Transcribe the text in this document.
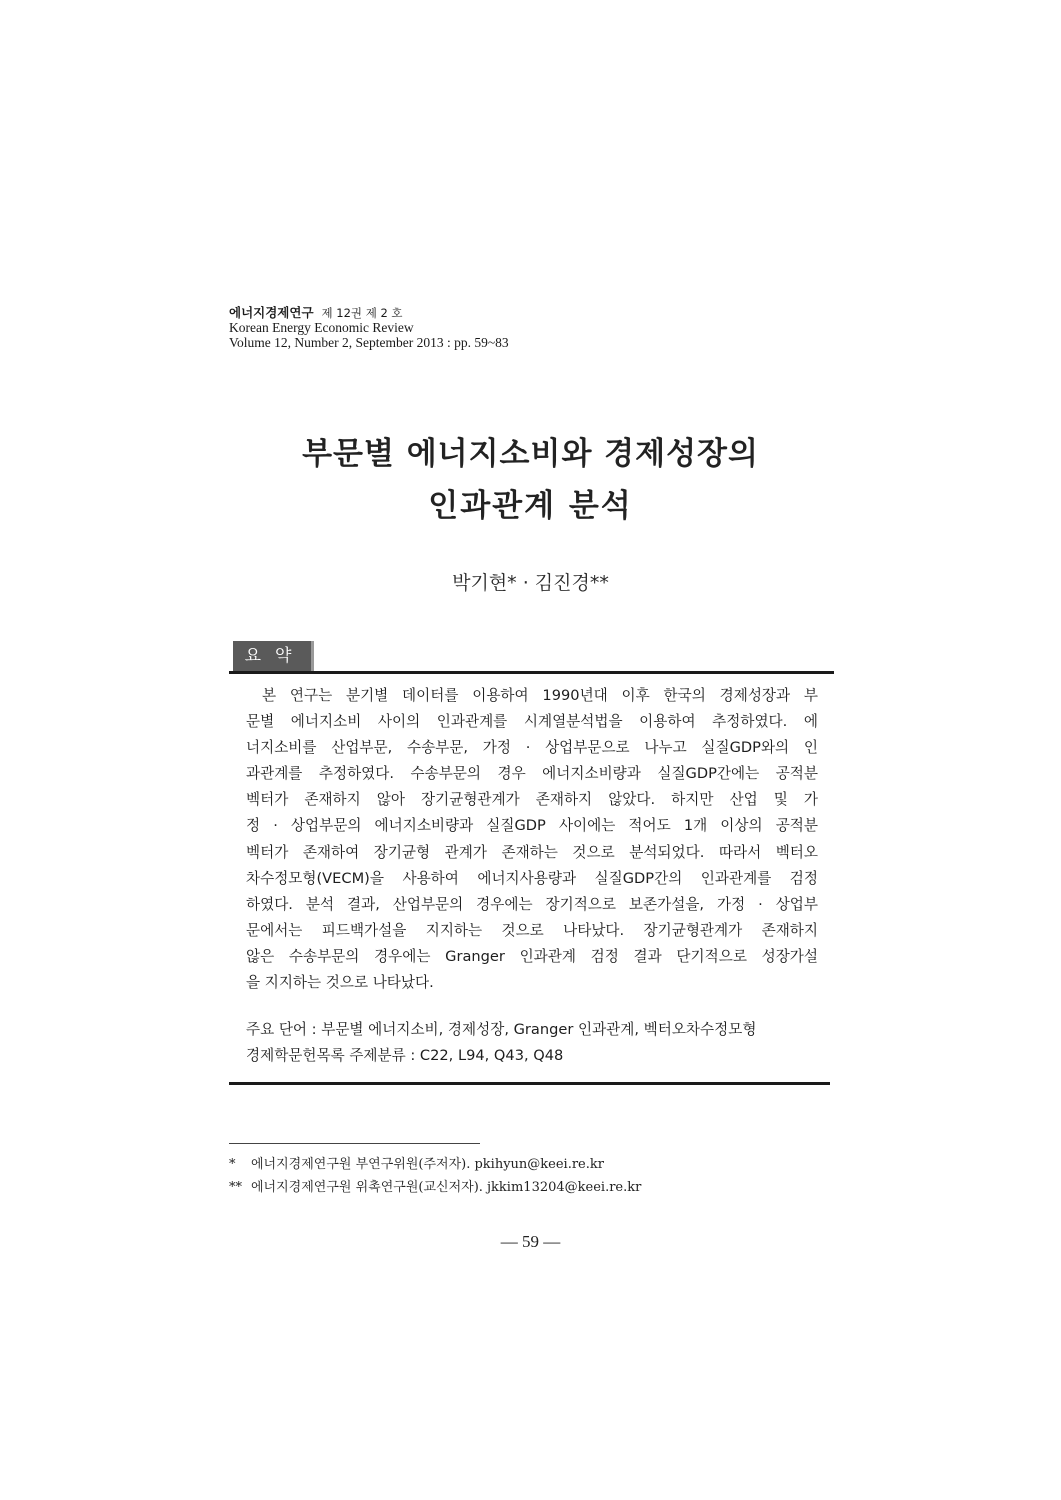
에너지경제연구 제 12권 제 2 호
Korean Energy Economic Review
Volume 12, Number 2, September 2013 : pp. 59~83
부문별 에너지소비와 경제성장의
인과관계 분석
박기현* · 김진경**
요약
본 연구는 분기별 데이터를 이용하여 1990년대 이후 한국의 경제성장과 부
문별 에너지소비 사이의 인과관계를 시계열분석법을 이용하여 추정하였다. 에
너지소비를 산업부문, 수송부문, 가정 · 상업부문으로 나누고 실질GDP와의 인
과관계를 추정하였다. 수송부문의 경우 에너지소비량과 실질GDP간에는 공적분
벡터가 존재하지 않아 장기균형관계가 존재하지 않았다. 하지만 산업 및 가
정 · 상업부문의 에너지소비량과 실질GDP 사이에는 적어도 1개 이상의 공적분
벡터가 존재하여 장기균형 관계가 존재하는 것으로 분석되었다. 따라서 벡터오
차수정모형(VECM)을 사용하여 에너지사용량과 실질GDP간의 인과관계를 검정
하였다. 분석 결과, 산업부문의 경우에는 장기적으로 보존가설을, 가정 · 상업부
문에서는 피드백가설을 지지하는 것으로 나타났다. 장기균형관계가 존재하지
않은 수송부문의 경우에는 Granger 인과관계 검정 결과 단기적으로 성장가설
을 지지하는 것으로 나타났다.
주요 단어 : 부문별 에너지소비, 경제성장, Granger 인과관계, 벡터오차수정모형
경제학문헌목록 주제분류 : C22, L94, Q43, Q48
* 에너지경제연구원 부연구위원(주저자). pkihyun@keei.re.kr
** 에너지경제연구원 위촉연구원(교신저자). jkkim13204@keei.re.kr
— 59 —
